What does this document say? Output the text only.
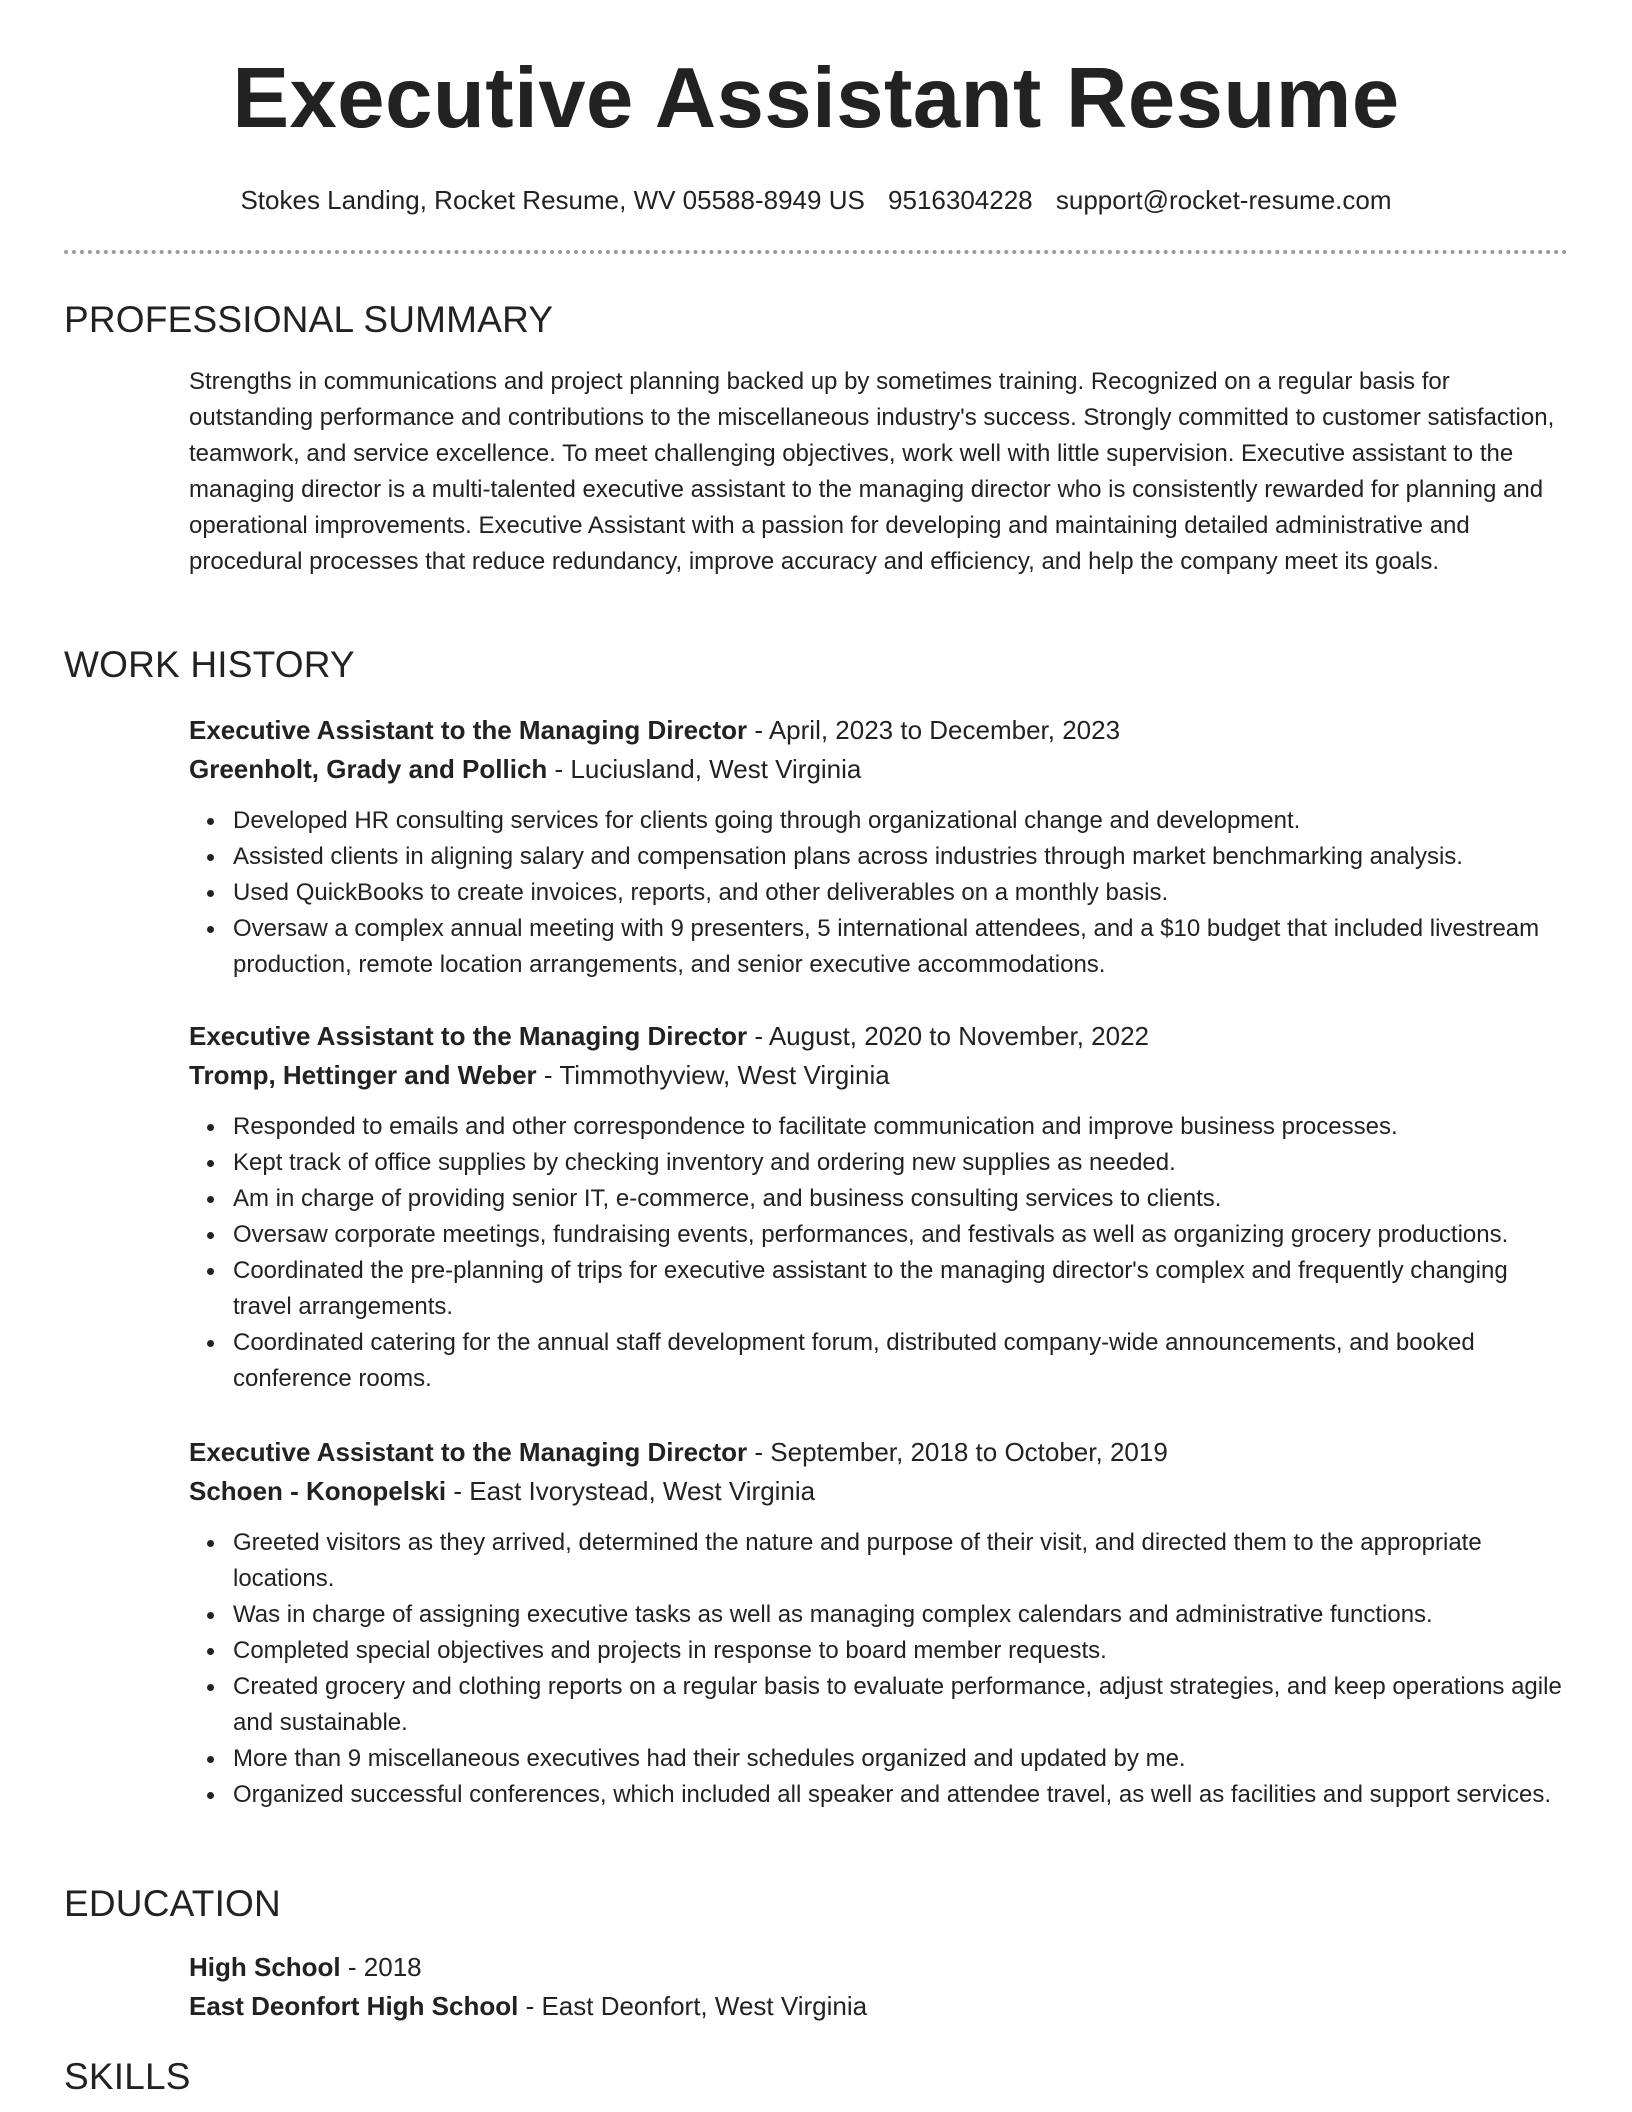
Executive Assistant Resume
Stokes Landing, Rocket Resume, WV 05588-8949 US 9516304228 support@rocket-resume.com
PROFESSIONAL SUMMARY
Strengths in communications and project planning backed up by sometimes training. Recognized on a regular basis for outstanding performance and contributions to the miscellaneous industry's success. Strongly committed to customer satisfaction, teamwork, and service excellence. To meet challenging objectives, work well with little supervision. Executive assistant to the managing director is a multi-talented executive assistant to the managing director who is consistently rewarded for planning and operational improvements. Executive Assistant with a passion for developing and maintaining detailed administrative and procedural processes that reduce redundancy, improve accuracy and efficiency, and help the company meet its goals.
WORK HISTORY
Executive Assistant to the Managing Director - April, 2023 to December, 2023
Greenholt, Grady and Pollich - Luciusland, West Virginia
Developed HR consulting services for clients going through organizational change and development.
Assisted clients in aligning salary and compensation plans across industries through market benchmarking analysis.
Used QuickBooks to create invoices, reports, and other deliverables on a monthly basis.
Oversaw a complex annual meeting with 9 presenters, 5 international attendees, and a $10 budget that included livestream production, remote location arrangements, and senior executive accommodations.
Executive Assistant to the Managing Director - August, 2020 to November, 2022
Tromp, Hettinger and Weber - Timmothyview, West Virginia
Responded to emails and other correspondence to facilitate communication and improve business processes.
Kept track of office supplies by checking inventory and ordering new supplies as needed.
Am in charge of providing senior IT, e-commerce, and business consulting services to clients.
Oversaw corporate meetings, fundraising events, performances, and festivals as well as organizing grocery productions.
Coordinated the pre-planning of trips for executive assistant to the managing director's complex and frequently changing travel arrangements.
Coordinated catering for the annual staff development forum, distributed company-wide announcements, and booked conference rooms.
Executive Assistant to the Managing Director - September, 2018 to October, 2019
Schoen - Konopelski - East Ivorystead, West Virginia
Greeted visitors as they arrived, determined the nature and purpose of their visit, and directed them to the appropriate locations.
Was in charge of assigning executive tasks as well as managing complex calendars and administrative functions.
Completed special objectives and projects in response to board member requests.
Created grocery and clothing reports on a regular basis to evaluate performance, adjust strategies, and keep operations agile and sustainable.
More than 9 miscellaneous executives had their schedules organized and updated by me.
Organized successful conferences, which included all speaker and attendee travel, as well as facilities and support services.
EDUCATION
High School - 2018
East Deonfort High School - East Deonfort, West Virginia
SKILLS
